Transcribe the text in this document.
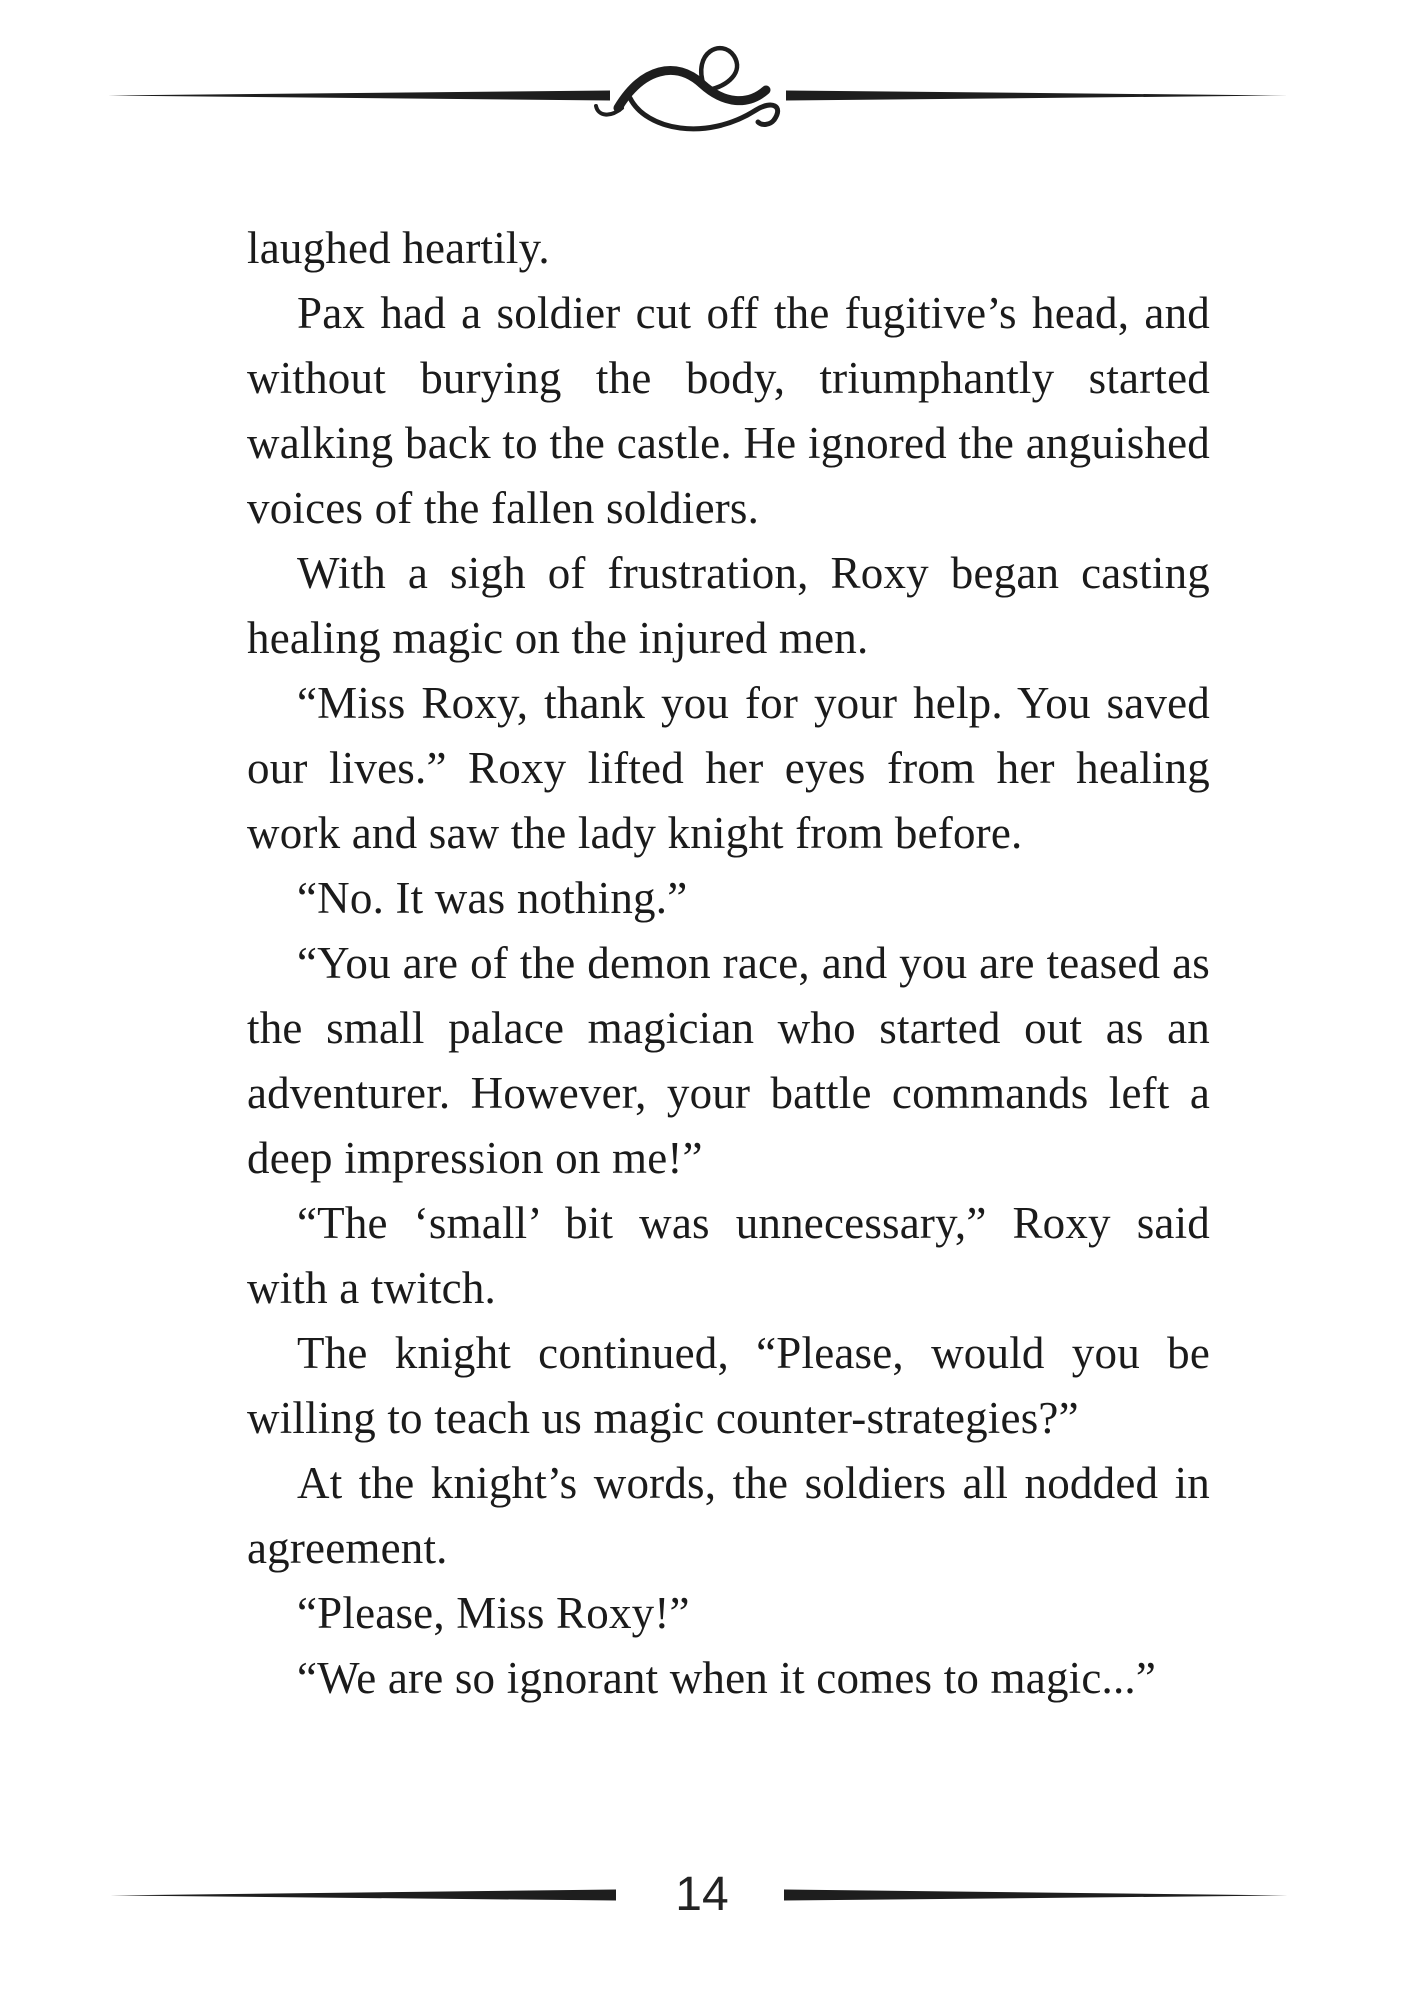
laughed heartily.

Pax had a soldier cut off the fugitive’s head, and without burying the body, triumphantly started walking back to the castle. He ignored the anguished voices of the fallen soldiers.

With a sigh of frustration, Roxy began casting healing magic on the injured men.

“Miss Roxy, thank you for your help. You saved our lives.” Roxy lifted her eyes from her healing work and saw the lady knight from before.

“No. It was nothing.”

“You are of the demon race, and you are teased as the small palace magician who started out as an adventurer. However, your battle commands left a deep impression on me!”

“The ‘small’ bit was unnecessary,” Roxy said with a twitch.

The knight continued, “Please, would you be willing to teach us magic counter-strategies?”

At the knight’s words, the soldiers all nodded in agreement.

“Please, Miss Roxy!”

“We are so ignorant when it comes to magic...”

14
